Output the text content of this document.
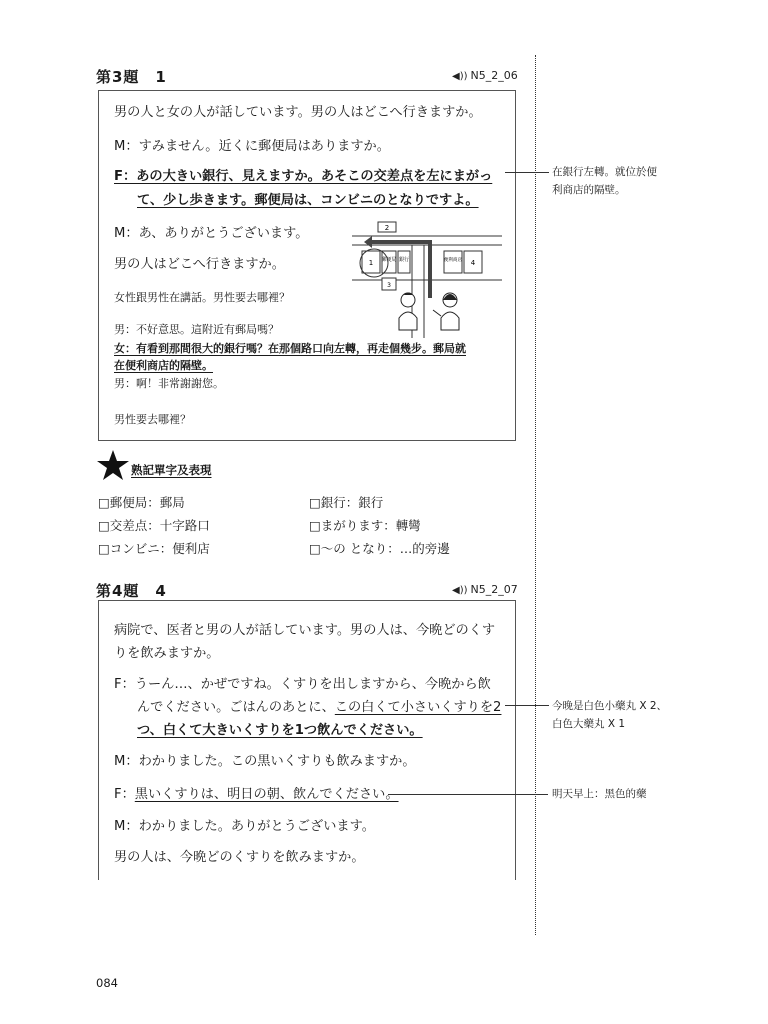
第3題　1	◀)) N5_2_06
男の人と女の人が話しています。男の人はどこへ行きますか。
M：すみません。近くに郵便局はありますか。
F：あの大きい銀行、見えますか。あそこの交差点を左にまがっ
て、少し歩きます。郵便局は、コンビニのとなりですよ。
M：あ、ありがとうございます。
男の人はどこへ行きますか。
女性跟男性在講話。男性要去哪裡？
男：不好意思。這附近有郵局嗎？
女：有看到那間很大的銀行嗎？在那個路口向左轉，再走個幾步。郵局就
在便利商店的隔壁。
男：啊！非常謝謝您。
男性要去哪裡？
2
1 郵便局 銀行
3
便利商店 4
在銀行左轉。就位於便
利商店的隔壁。
熟記單字及表現
□郵便局：郵局	□銀行：銀行
□交差点：十字路口	□まがります：轉彎
□コンビニ：便利店	□～の となり：…的旁邊
第4題　4	◀)) N5_2_07
病院で、医者と男の人が話しています。男の人は、今晩どのくす
りを飲みますか。
F：うーん…、かぜですね。くすりを出しますから、今晩から飲
んでください。ごはんのあとに、この白くて小さいくすりを2
つ、白くて大きいくすりを1つ飲んでください。
M：わかりました。この黒いくすりも飲みますか。
F：黒いくすりは、明日の朝、飲んでください。
M：わかりました。ありがとうございます。
男の人は、今晩どのくすりを飲みますか。
今晚是白色小藥丸 X 2、
白色大藥丸 X 1
明天早上：黑色的藥
084
